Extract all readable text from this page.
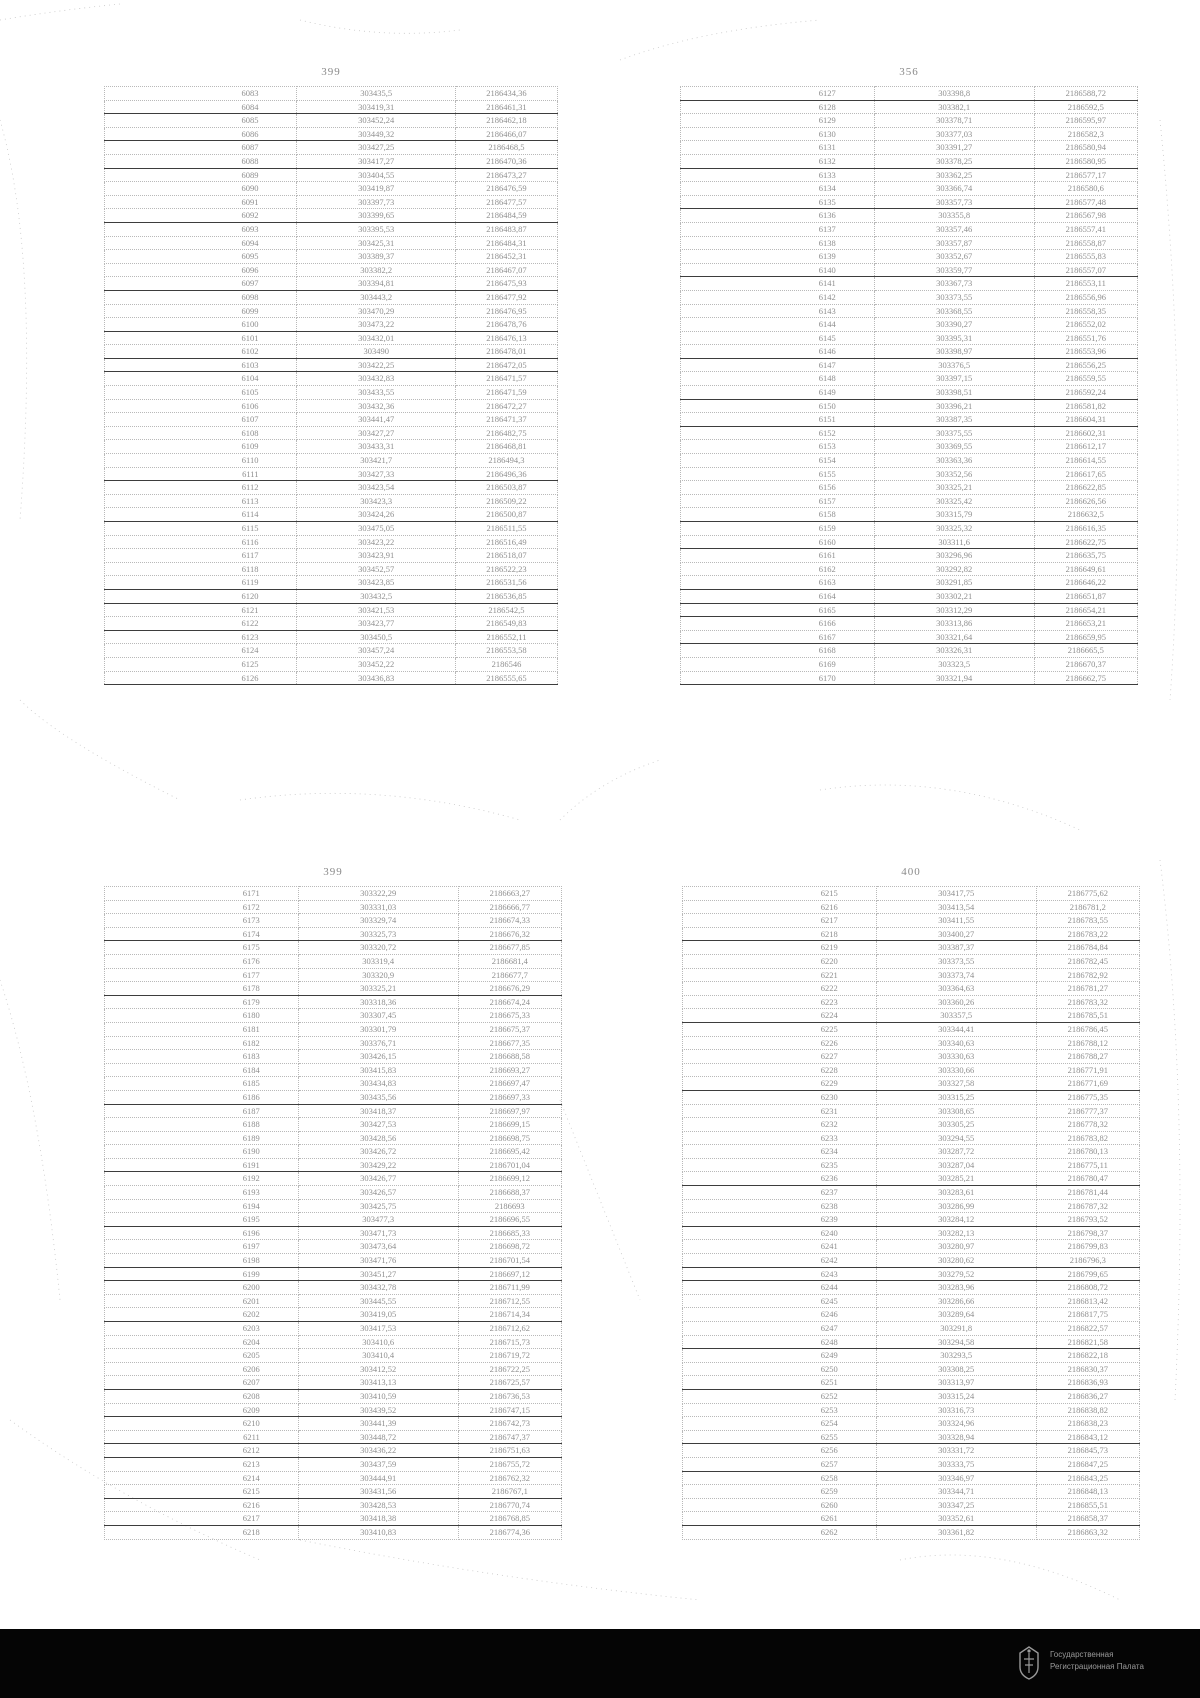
399
6083	303435,5	2186434,36
6084	303419,31	2186461,31
6085	303452,24	2186462,18
6086	303449,32	2186466,07
6087	303427,25	2186468,5
6088	303417,27	2186470,36
6089	303404,55	2186473,27
6090	303419,87	2186476,59
6091	303397,73	2186477,57
6092	303399,65	2186484,59
6093	303395,53	2186483,87
6094	303425,31	2186484,31
6095	303389,37	2186452,31
6096	303382,2	2186467,07
6097	303394,81	2186475,93
6098	303443,2	2186477,92
6099	303470,29	2186476,95
6100	303473,22	2186478,76
6101	303432,01	2186476,13
6102	303490	2186478,01
6103	303422,25	2186472,05
6104	303432,83	2186471,57
6105	303433,55	2186471,59
6106	303432,36	2186472,27
6107	303441,47	2186471,37
6108	303427,27	2186482,75
6109	303433,31	2186468,81
6110	303421,7	2186494,3
6111	303427,33	2186496,36
6112	303423,54	2186503,87
6113	303423,3	2186509,22
6114	303424,26	2186500,87
6115	303475,05	2186511,55
6116	303423,22	2186516,49
6117	303423,91	2186518,07
6118	303452,57	2186522,23
6119	303423,85	2186531,56
6120	303432,5	2186536,85
6121	303421,53	2186542,5
6122	303423,77	2186549,83
6123	303450,5	2186552,11
6124	303457,24	2186553,58
6125	303452,22	2186546
6126	303436,83	2186555,65
356
6127	303398,8	2186588,72
6128	303382,1	2186592,5
6129	303378,71	2186595,97
6130	303377,03	2186582,3
6131	303391,27	2186580,94
6132	303378,25	2186580,95
6133	303362,25	2186577,17
6134	303366,74	2186580,6
6135	303357,73	2186577,48
6136	303355,8	2186567,98
6137	303357,46	2186557,41
6138	303357,87	2186558,87
6139	303352,67	2186555,83
6140	303359,77	2186557,07
6141	303367,73	2186553,11
6142	303373,55	2186556,96
6143	303368,55	2186558,35
6144	303390,27	2186552,02
6145	303395,31	2186551,76
6146	303398,97	2186553,96
6147	303376,5	2186556,25
6148	303397,15	2186559,55
6149	303398,51	2186592,24
6150	303396,21	2186581,82
6151	303387,35	2186604,31
6152	303375,55	2186602,31
6153	303369,55	2186612,17
6154	303363,36	2186614,55
6155	303352,56	2186617,65
6156	303325,21	2186622,85
6157	303325,42	2186626,56
6158	303315,79	2186632,5
6159	303325,32	2186616,35
6160	303311,6	2186622,75
6161	303296,96	2186635,75
6162	303292,82	2186649,61
6163	303291,85	2186646,22
6164	303302,21	2186651,87
6165	303312,29	2186654,21
6166	303313,86	2186653,21
6167	303321,64	2186659,95
6168	303326,31	2186665,5
6169	303323,5	2186670,37
6170	303321,94	2186662,75
399
6171	303322,29	2186663,27
6172	303331,03	2186666,77
6173	303329,74	2186674,33
6174	303325,73	2186676,32
6175	303320,72	2186677,85
6176	303319,4	2186681,4
6177	303320,9	2186677,7
6178	303325,21	2186676,29
6179	303318,36	2186674,24
6180	303307,45	2186675,33
6181	303301,79	2186675,37
6182	303376,71	2186677,35
6183	303426,15	2186688,58
6184	303415,83	2186693,27
6185	303434,83	2186697,47
6186	303435,56	2186697,33
6187	303418,37	2186697,97
6188	303427,53	2186699,15
6189	303428,56	2186698,75
6190	303426,72	2186695,42
6191	303429,22	2186701,04
6192	303426,77	2186699,12
6193	303426,57	2186688,37
6194	303425,75	2186693
6195	303477,3	2186696,55
6196	303471,73	2186685,33
6197	303473,64	2186698,72
6198	303471,76	2186701,54
6199	303451,27	2186697,12
6200	303432,78	2186711,99
6201	303445,55	2186712,55
6202	303419,05	2186714,34
6203	303417,53	2186712,62
6204	303410,6	2186715,73
6205	303410,4	2186719,72
6206	303412,52	2186722,25
6207	303413,13	2186725,57
6208	303410,59	2186736,53
6209	303439,52	2186747,15
6210	303441,39	2186742,73
6211	303448,72	2186747,37
6212	303436,22	2186751,63
6213	303437,59	2186755,72
6214	303444,91	2186762,32
6215	303431,56	2186767,1
6216	303428,53	2186770,74
6217	303418,38	2186768,85
6218	303410,83	2186774,36
400
6215	303417,75	2186775,62
6216	303413,54	2186781,2
6217	303411,55	2186783,55
6218	303400,27	2186783,22
6219	303387,37	2186784,84
6220	303373,55	2186782,45
6221	303373,74	2186782,92
6222	303364,63	2186781,27
6223	303360,26	2186783,32
6224	303357,5	2186785,51
6225	303344,41	2186786,45
6226	303340,63	2186788,12
6227	303330,63	2186788,27
6228	303330,66	2186771,91
6229	303327,58	2186771,69
6230	303315,25	2186775,35
6231	303308,65	2186777,37
6232	303305,25	2186778,32
6233	303294,55	2186783,82
6234	303287,72	2186780,13
6235	303287,04	2186775,11
6236	303285,21	2186780,47
6237	303283,61	2186781,44
6238	303286,99	2186787,32
6239	303284,12	2186793,52
6240	303282,13	2186798,37
6241	303280,97	2186799,83
6242	303280,62	2186796,3
6243	303279,52	2186799,65
6244	303283,96	2186808,72
6245	303286,66	2186813,42
6246	303289,64	2186817,75
6247	303291,8	2186822,57
6248	303294,58	2186821,58
6249	303293,5	2186822,18
6250	303308,25	2186830,37
6251	303313,97	2186836,93
6252	303315,24	2186836,27
6253	303316,73	2186838,82
6254	303324,96	2186838,23
6255	303328,94	2186843,12
6256	303331,72	2186845,73
6257	303333,75	2186847,25
6258	303346,97	2186843,25
6259	303344,71	2186848,13
6260	303347,25	2186855,51
6261	303352,61	2186858,37
6262	303361,82	2186863,32
Государственная
Регистрационная Палата
